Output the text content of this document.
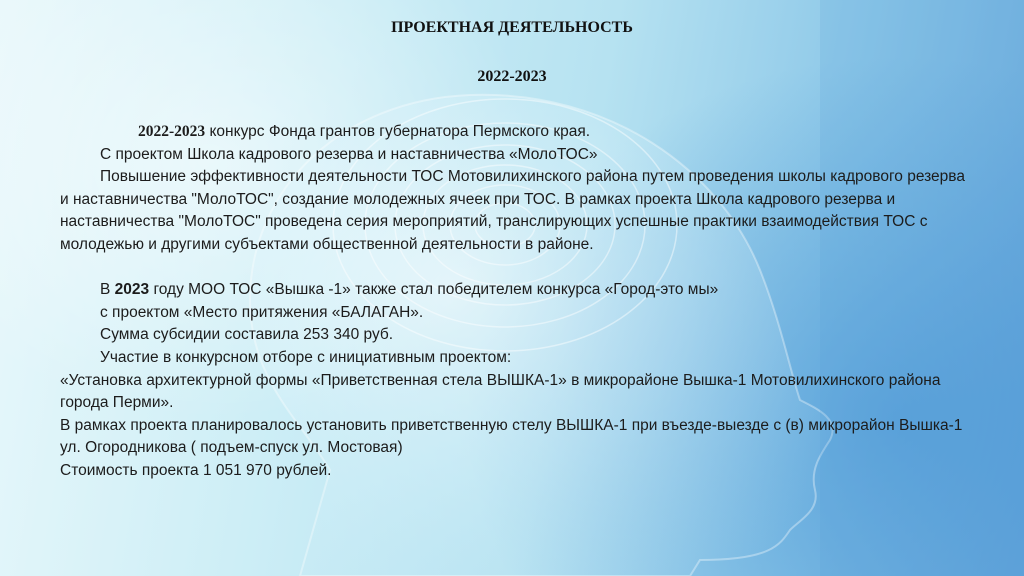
ПРОЕКТНАЯ ДЕЯТЕЛЬНОСТЬ
2022-2023

2022-2023 конкурс Фонда грантов губернатора Пермского края.

С проектом Школа кадрового резерва и наставничества «МолоТОС»

Повышение эффективности деятельности ТОС Мотовилихинского района путем проведения школы кадрового резерва и наставничества "МолоТОС", создание молодежных ячеек при ТОС. В рамках проекта Школа кадрового резерва и наставничества "МолоТОС" проведена серия мероприятий, транслирующих успешные практики взаимодействия ТОС с молодежью и другими субъектами общественной деятельности в районе.

В 2023 году МОО ТОС «Вышка -1» также стал победителем конкурса «Город-это мы»

с проектом «Место притяжения «БАЛАГАН».

Сумма субсидии составила 253 340 руб.

Участие в конкурсном отборе с инициативным проектом:

«Установка архитектурной формы «Приветственная стела ВЫШКА-1» в микрорайоне Вышка-1 Мотовилихинского района города Перми».

В рамках проекта планировалось установить приветственную стелу ВЫШКА-1 при въезде-выезде с (в) микрорайон Вышка-1 ул. Огородникова ( подъем-спуск ул. Мостовая)

Стоимость проекта 1 051 970 рублей.
